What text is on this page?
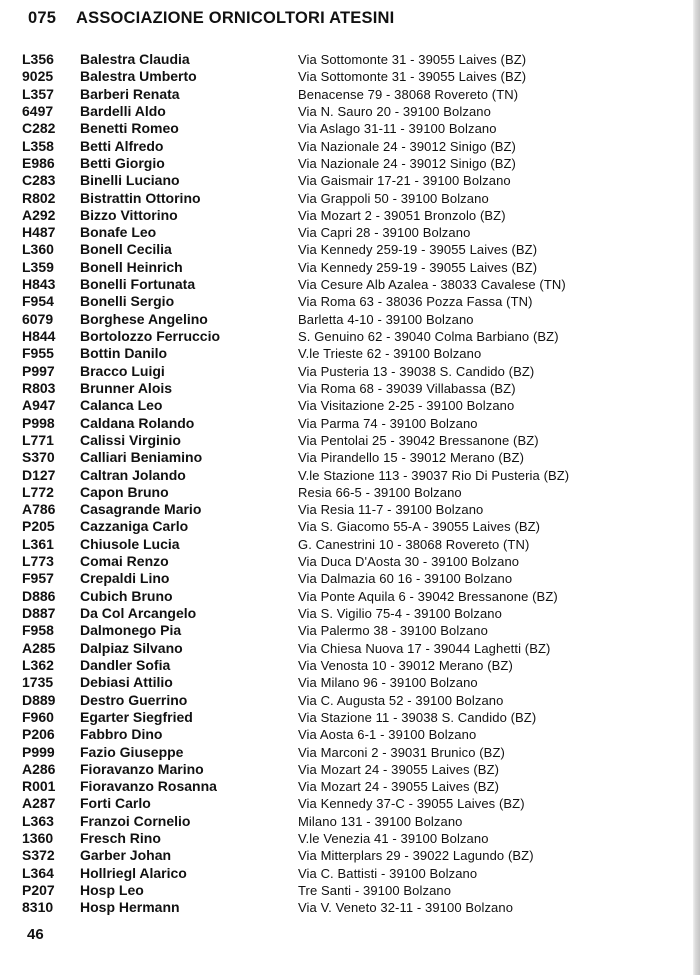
075 ASSOCIAZIONE ORNICOLTORI ATESINI
L356 Balestra Claudia	Via Sottomonte 31 - 39055 Laives (BZ)
9025 Balestra Umberto	Via Sottomonte 31 - 39055 Laives (BZ)
L357 Barberi Renata	Benacense 79 - 38068 Rovereto (TN)
6497 Bardelli Aldo	Via N. Sauro 20 - 39100 Bolzano
C282 Benetti Romeo	Via Aslago 31-11 - 39100 Bolzano
L358 Betti Alfredo	Via Nazionale 24 - 39012 Sinigo (BZ)
E986 Betti Giorgio	Via Nazionale 24 - 39012 Sinigo (BZ)
C283 Binelli Luciano	Via Gaismair 17-21 - 39100 Bolzano
R802 Bistrattin Ottorino	Via Grappoli 50 - 39100 Bolzano
A292 Bizzo Vittorino	Via Mozart 2 - 39051 Bronzolo (BZ)
H487 Bonafe Leo	Via Capri 28 - 39100 Bolzano
L360 Bonell Cecilia	Via Kennedy 259-19 - 39055 Laives (BZ)
L359 Bonell Heinrich	Via Kennedy 259-19 - 39055 Laives (BZ)
H843 Bonelli Fortunata	Via Cesure Alb Azalea - 38033 Cavalese (TN)
F954 Bonelli Sergio	Via Roma 63 - 38036 Pozza Fassa (TN)
6079 Borghese Angelino	Barletta 4-10 - 39100 Bolzano
H844 Bortolozzo Ferruccio	S. Genuino 62 - 39040 Colma Barbiano (BZ)
F955 Bottin Danilo	V.le Trieste 62 - 39100 Bolzano
P997 Bracco Luigi	Via Pusteria 13 - 39038 S. Candido (BZ)
R803 Brunner Alois	Via Roma 68 - 39039 Villabassa (BZ)
A947 Calanca Leo	Via Visitazione 2-25 - 39100 Bolzano
P998 Caldana Rolando	Via Parma 74 - 39100 Bolzano
L771 Calissi Virginio	Via Pentolai 25 - 39042 Bressanone (BZ)
S370 Calliari Beniamino	Via Pirandello 15 - 39012 Merano (BZ)
D127 Caltran Jolando	V.le Stazione 113 - 39037 Rio Di Pusteria (BZ)
L772 Capon Bruno	Resia 66-5 - 39100 Bolzano
A786 Casagrande Mario	Via Resia 11-7 - 39100 Bolzano
P205 Cazzaniga Carlo	Via S. Giacomo 55-A - 39055 Laives (BZ)
L361 Chiusole Lucia	G. Canestrini 10 - 38068 Rovereto (TN)
L773 Comai Renzo	Via Duca D'Aosta 30 - 39100 Bolzano
F957 Crepaldi Lino	Via Dalmazia 60 16 - 39100 Bolzano
D886 Cubich Bruno	Via Ponte Aquila 6 - 39042 Bressanone (BZ)
D887 Da Col Arcangelo	Via S. Vigilio 75-4 - 39100 Bolzano
F958 Dalmonego Pia	Via Palermo 38 - 39100 Bolzano
A285 Dalpiaz Silvano	Via Chiesa Nuova 17 - 39044 Laghetti (BZ)
L362 Dandler Sofia	Via Venosta 10 - 39012 Merano (BZ)
1735 Debiasi Attilio	Via Milano 96 - 39100 Bolzano
D889 Destro Guerrino	Via C. Augusta 52 - 39100 Bolzano
F960 Egarter Siegfried	Via Stazione 11 - 39038 S. Candido (BZ)
P206 Fabbro Dino	Via Aosta 6-1 - 39100 Bolzano
P999 Fazio Giuseppe	Via Marconi 2 - 39031 Brunico (BZ)
A286 Fioravanzo Marino	Via Mozart 24 - 39055 Laives (BZ)
R001 Fioravanzo Rosanna	Via Mozart 24 - 39055 Laives (BZ)
A287 Forti Carlo	Via Kennedy 37-C - 39055 Laives (BZ)
L363 Franzoi Cornelio	Milano 131 - 39100 Bolzano
1360 Fresch Rino	V.le Venezia 41 - 39100 Bolzano
S372 Garber Johan	Via Mitterplars 29 - 39022 Lagundo (BZ)
L364 Hollriegl Alarico	Via C. Battisti - 39100 Bolzano
P207 Hosp Leo	Tre Santi - 39100 Bolzano
8310 Hosp Hermann	Via V. Veneto 32-11 - 39100 Bolzano
46
